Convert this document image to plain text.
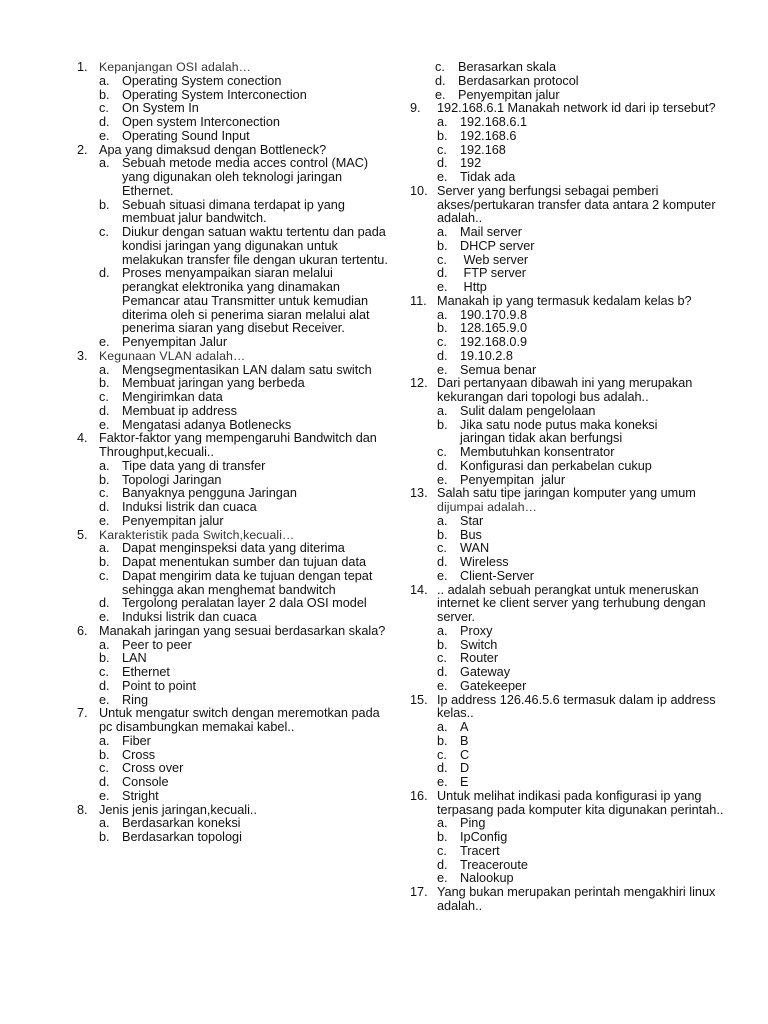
1. Kepanjangan OSI adalah…
a. Operating System conection
b. Operating System Interconection
c. On System In
d. Open system Interconection
e. Operating Sound Input
2. Apa yang dimaksud dengan Bottleneck?
a. Sebuah metode media acces control (MAC) yang digunakan oleh teknologi jaringan Ethernet.
b. Sebuah situasi dimana terdapat ip yang membuat jalur bandwitch.
c. Diukur dengan satuan waktu tertentu dan pada kondisi jaringan yang digunakan untuk melakukan transfer file dengan ukuran tertentu.
d. Proses menyampaikan siaran melalui perangkat elektronika yang dinamakan Pemancar atau Transmitter untuk kemudian diterima oleh si penerima siaran melalui alat penerima siaran yang disebut Receiver.
e. Penyempitan Jalur
3. Kegunaan VLAN adalah…
a. Mengsegmentasikan LAN dalam satu switch
b. Membuat jaringan yang berbeda
c. Mengirimkan data
d. Membuat ip address
e. Mengatasi adanya Botlenecks
4. Faktor-faktor yang mempengaruhi Bandwitch dan Throughput,kecuali..
a. Tipe data yang di transfer
b. Topologi Jaringan
c. Banyaknya pengguna Jaringan
d. Induksi listrik dan cuaca
e. Penyempitan jalur
5. Karakteristik pada Switch,kecuali…
a. Dapat menginspeksi data yang diterima
b. Dapat menentukan sumber dan tujuan data
c. Dapat mengirim data ke tujuan dengan tepat sehingga akan menghemat bandwitch
d. Tergolong peralatan layer 2 dala OSI model
e. Induksi listrik dan cuaca
6. Manakah jaringan yang sesuai berdasarkan skala?
a. Peer to peer
b. LAN
c. Ethernet
d. Point to point
e. Ring
7. Untuk mengatur switch dengan meremotkan pada pc disambungkan memakai kabel..
a. Fiber
b. Cross
c. Cross over
d. Console
e. Stright
8. Jenis jenis jaringan,kecuali..
a. Berdasarkan koneksi
b. Berdasarkan topologi
c. Berasarkan skala
d. Berdasarkan protocol
e. Penyempitan jalur
9. 192.168.6.1 Manakah network id dari ip tersebut?
a. 192.168.6.1
b. 192.168.6
c. 192.168
d. 192
e. Tidak ada
10. Server yang berfungsi sebagai pemberi akses/pertukaran transfer data antara 2 komputer adalah..
a. Mail server
b. DHCP server
c. Web server
d. FTP server
e. Http
11. Manakah ip yang termasuk kedalam kelas b?
a. 190.170.9.8
b. 128.165.9.0
c. 192.168.0.9
d. 19.10.2.8
e. Semua benar
12. Dari pertanyaan dibawah ini yang merupakan kekurangan dari topologi bus adalah..
a. Sulit dalam pengelolaan
b. Jika satu node putus maka koneksi jaringan tidak akan berfungsi
c. Membutuhkan konsentrator
d. Konfigurasi dan perkabelan cukup
e. Penyempitan  jalur
13. Salah satu tipe jaringan komputer yang umum
dijumpai adalah…
a. Star
b. Bus
c. WAN
d. Wireless
e. Client-Server
14. .. adalah sebuah perangkat untuk meneruskan internet ke client server yang terhubung dengan server.
a. Proxy
b. Switch
c. Router
d. Gateway
e. Gatekeeper
15. Ip address 126.46.5.6 termasuk dalam ip address kelas..
a. A
b. B
c. C
d. D
e. E
16. Untuk melihat indikasi pada konfigurasi ip yang terpasang pada komputer kita digunakan perintah..
a. Ping
b. IpConfig
c. Tracert
d. Treaceroute
e. Nalookup
17. Yang bukan merupakan perintah mengakhiri linux adalah..
